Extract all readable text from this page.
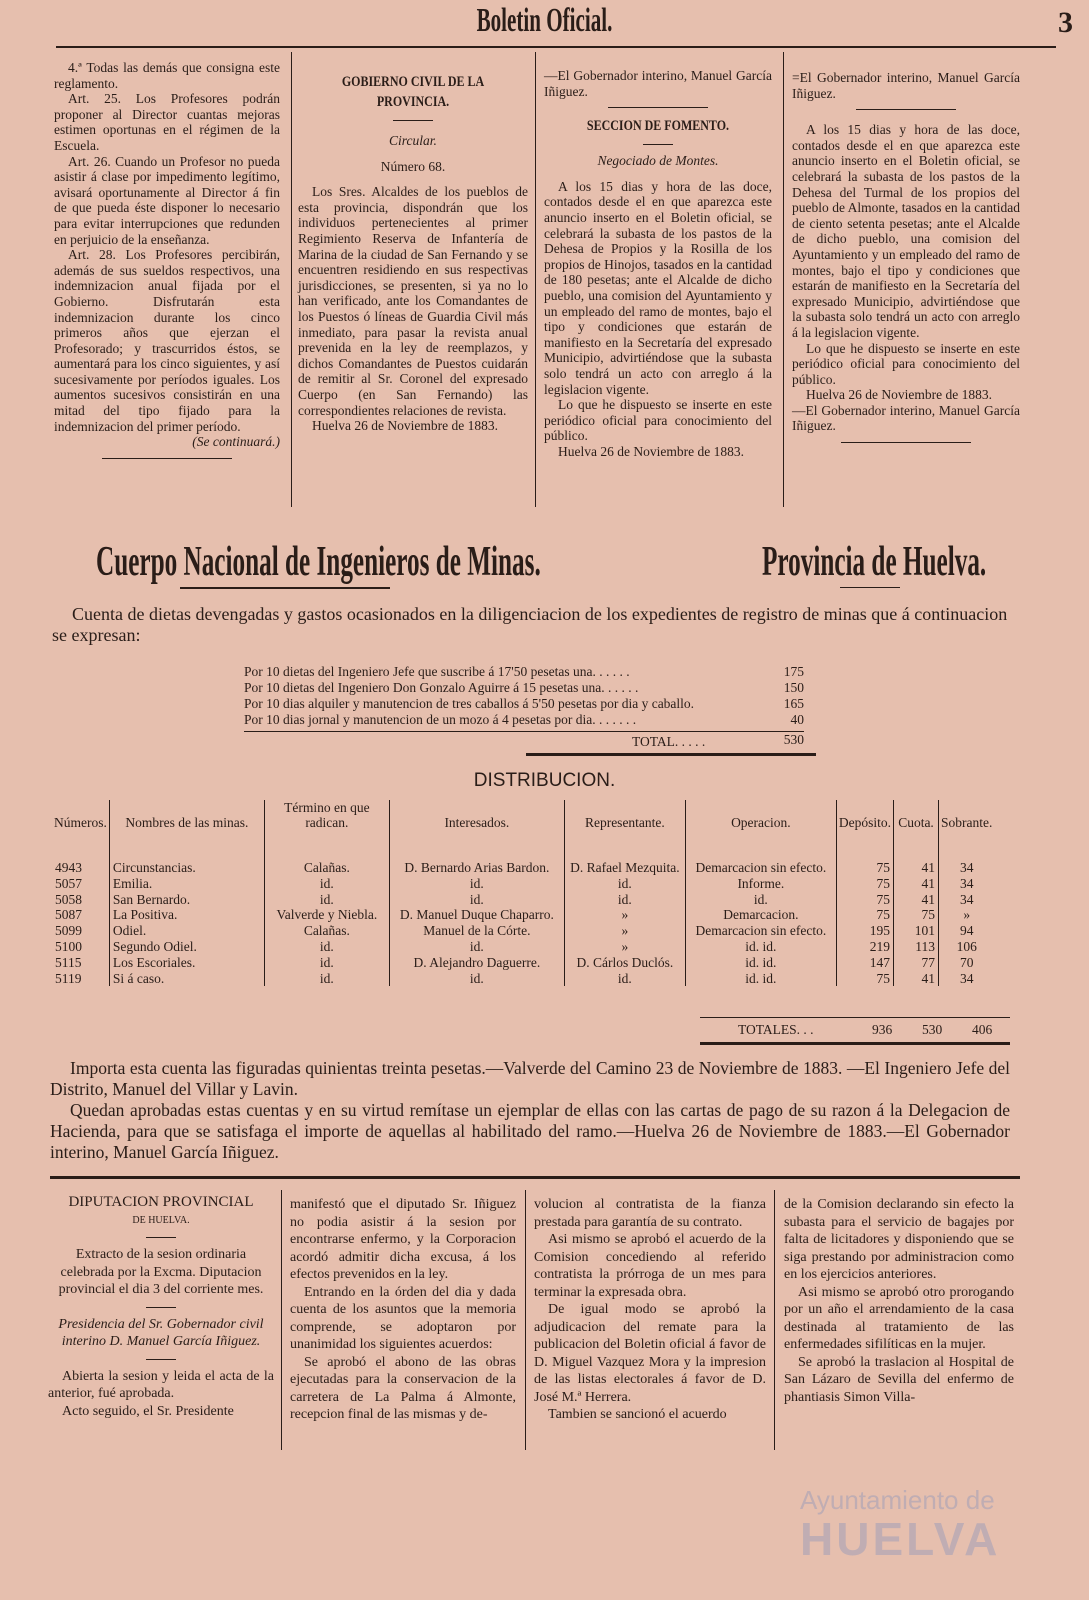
Boletin Oficial.	3

4.ª Todas las demás que consigna este reglamento.

Art. 25. Los Profesores podrán proponer al Director cuantas mejoras estimen oportunas en el régimen de la Escuela.

Art. 26. Cuando un Profesor no pueda asistir á clase por impedimento legítimo, avisará oportunamente al Director á fin de que pueda éste disponer lo necesario para evitar interrupciones que redunden en perjuicio de la enseñanza.

Art. 28. Los Profesores percibirán, además de sus sueldos respectivos, una indemnizacion anual fijada por el Gobierno. Disfrutarán esta indemnizacion durante los cinco primeros años que ejerzan el Profesorado; y trascurridos éstos, se aumentará para los cinco siguientes, y así sucesivamente por períodos iguales. Los aumentos sucesivos consistirán en una mitad del tipo fijado para la indemnizacion del primer período.

(Se continuará.)

GOBIERNO CIVIL DE LA PROVINCIA.

Circular.

Número 68.

Los Sres. Alcaldes de los pueblos de esta provincia, dispondrán que los individuos pertenecientes al primer Regimiento Reserva de Infantería de Marina de la ciudad de San Fernando y se encuentren residiendo en sus respectivas jurisdicciones, se presenten, si ya no lo han verificado, ante los Comandantes de los Puestos ó líneas de Guardia Civil más inmediato, para pasar la revista anual prevenida en la ley de reemplazos, y dichos Comandantes de Puestos cuidarán de remitir al Sr. Coronel del expresado Cuerpo (en San Fernando) las correspondientes relaciones de revista.

Huelva 26 de Noviembre de 1883.

—El Gobernador interino, Manuel García Iñiguez.

SECCION DE FOMENTO.

Negociado de Montes.

A los 15 dias y hora de las doce, contados desde el en que aparezca este anuncio inserto en el Boletin oficial, se celebrará la subasta de los pastos de la Dehesa de Propios y la Rosilla de los propios de Hinojos, tasados en la cantidad de 180 pesetas; ante el Alcalde de dicho pueblo, una comision del Ayuntamiento y un empleado del ramo de montes, bajo el tipo y condiciones que estarán de manifiesto en la Secretaría del expresado Municipio, advirtiéndose que la subasta solo tendrá un acto con arreglo á la legislacion vigente.

Lo que he dispuesto se inserte en este periódico oficial para conocimiento del público.

Huelva 26 de Noviembre de 1883.

=El Gobernador interino, Manuel García Iñiguez.

A los 15 dias y hora de las doce, contados desde el en que aparezca este anuncio inserto en el Boletin oficial, se celebrará la subasta de los pastos de la Dehesa del Turmal de los propios del pueblo de Almonte, tasados en la cantidad de ciento setenta pesetas; ante el Alcalde de dicho pueblo, una comision del Ayuntamiento y un empleado del ramo de montes, bajo el tipo y condiciones que estarán de manifiesto en la Secretaría del expresado Municipio, advirtiéndose que la subasta solo tendrá un acto con arreglo á la legislacion vigente.

Lo que he dispuesto se inserte en este periódico oficial para conocimiento del público.

Huelva 26 de Noviembre de 1883.

—El Gobernador interino, Manuel García Iñiguez.

Cuerpo Nacional de Ingenieros de Minas.	Provincia de Huelva.
Cuenta de dietas devengadas y gastos ocasionados en la diligenciacion de los expedientes de registro de minas que á continuacion se expresan:
Por 10 dietas del Ingeniero Jefe que suscribe á 17'50 pesetas una. . . . . .	175
Por 10 dietas del Ingeniero Don Gonzalo Aguirre á 15 pesetas una. . . . . .	150
Por 10 dias alquiler y manutencion de tres caballos á 5'50 pesetas por dia y caballo.	165
Por 10 dias jornal y manutencion de un mozo á 4 pesetas por dia. . . . . . .	40
TOTAL. . . . .	530
DISTRIBUCION.
Números.	Nombres de las minas.	Término en que radican.	Interesados.	Representante.	Operacion.	Depósito.	Cuota.	Sobrante.
4943	Circunstancias.	Calañas.	D. Bernardo Arias Bardon.	D. Rafael Mezquita.	Demarcacion sin efecto.	75	41	34
5057	Emilia.	id.	id.	id.	Informe.	75	41	34
5058	San Bernardo.	id.	id.	id.	id.	75	41	34
5087	La Positiva.	Valverde y Niebla.	D. Manuel Duque Chaparro.	»	Demarcacion.	75	75	»
5099	Odiel.	Calañas.	Manuel de la Córte.	»	Demarcacion sin efecto.	195	101	94
5100	Segundo Odiel.	id.	id.	»	id. id.	219	113	106
5115	Los Escoriales.	id.	D. Alejandro Daguerre.	D. Cárlos Duclós.	id. id.	147	77	70
5119	Si á caso.	id.	id.	id.	id. id.	75	41	34
TOTALES. . .	936 530 406
Importa esta cuenta las figuradas quinientas treinta pesetas.—Valverde del Camino 23 de Noviembre de 1883. —El Ingeniero Jefe del Distrito, Manuel del Villar y Lavin.
Quedan aprobadas estas cuentas y en su virtud remítase un ejemplar de ellas con las cartas de pago de su razon á la Delegacion de Hacienda, para que se satisfaga el importe de aquellas al habilitado del ramo.—Huelva 26 de Noviembre de 1883.—El Gobernador interino, Manuel García Iñiguez.

DIPUTACION PROVINCIAL

DE HUELVA.

Extracto de la sesion ordinaria celebrada por la Excma. Diputacion provincial el dia 3 del corriente mes.

Presidencia del Sr. Gobernador civil interino D. Manuel García Iñiguez.

Abierta la sesion y leida el acta de la anterior, fué aprobada.

Acto seguido, el Sr. Presidente

manifestó que el diputado Sr. Iñiguez no podia asistir á la sesion por encontrarse enfermo, y la Corporacion acordó admitir dicha excusa, á los efectos prevenidos en la ley.

Entrando en la órden del dia y dada cuenta de los asuntos que la memoria comprende, se adoptaron por unanimidad los siguientes acuerdos:

Se aprobó el abono de las obras ejecutadas para la conservacion de la carretera de La Palma á Almonte, recepcion final de las mismas y de-

volucion al contratista de la fianza prestada para garantía de su contrato.

Asi mismo se aprobó el acuerdo de la Comision concediendo al referido contratista la prórroga de un mes para terminar la expresada obra.

De igual modo se aprobó la adjudicacion del remate para la publicacion del Boletin oficial á favor de D. Miguel Vazquez Mora y la impresion de las listas electorales á favor de D. José M.ª Herrera.

Tambien se sancionó el acuerdo

de la Comision declarando sin efecto la subasta para el servicio de bagajes por falta de licitadores y disponiendo que se siga prestando por administracion como en los ejercicios anteriores.

Asi mismo se aprobó otro prorogando por un año el arrendamiento de la casa destinada al tratamiento de las enfermedades sifilíticas en la mujer.

Se aprobó la traslacion al Hospital de San Lázaro de Sevilla del enfermo de phantiasis Simon Villa-

Ayuntamiento de
HUELVA
